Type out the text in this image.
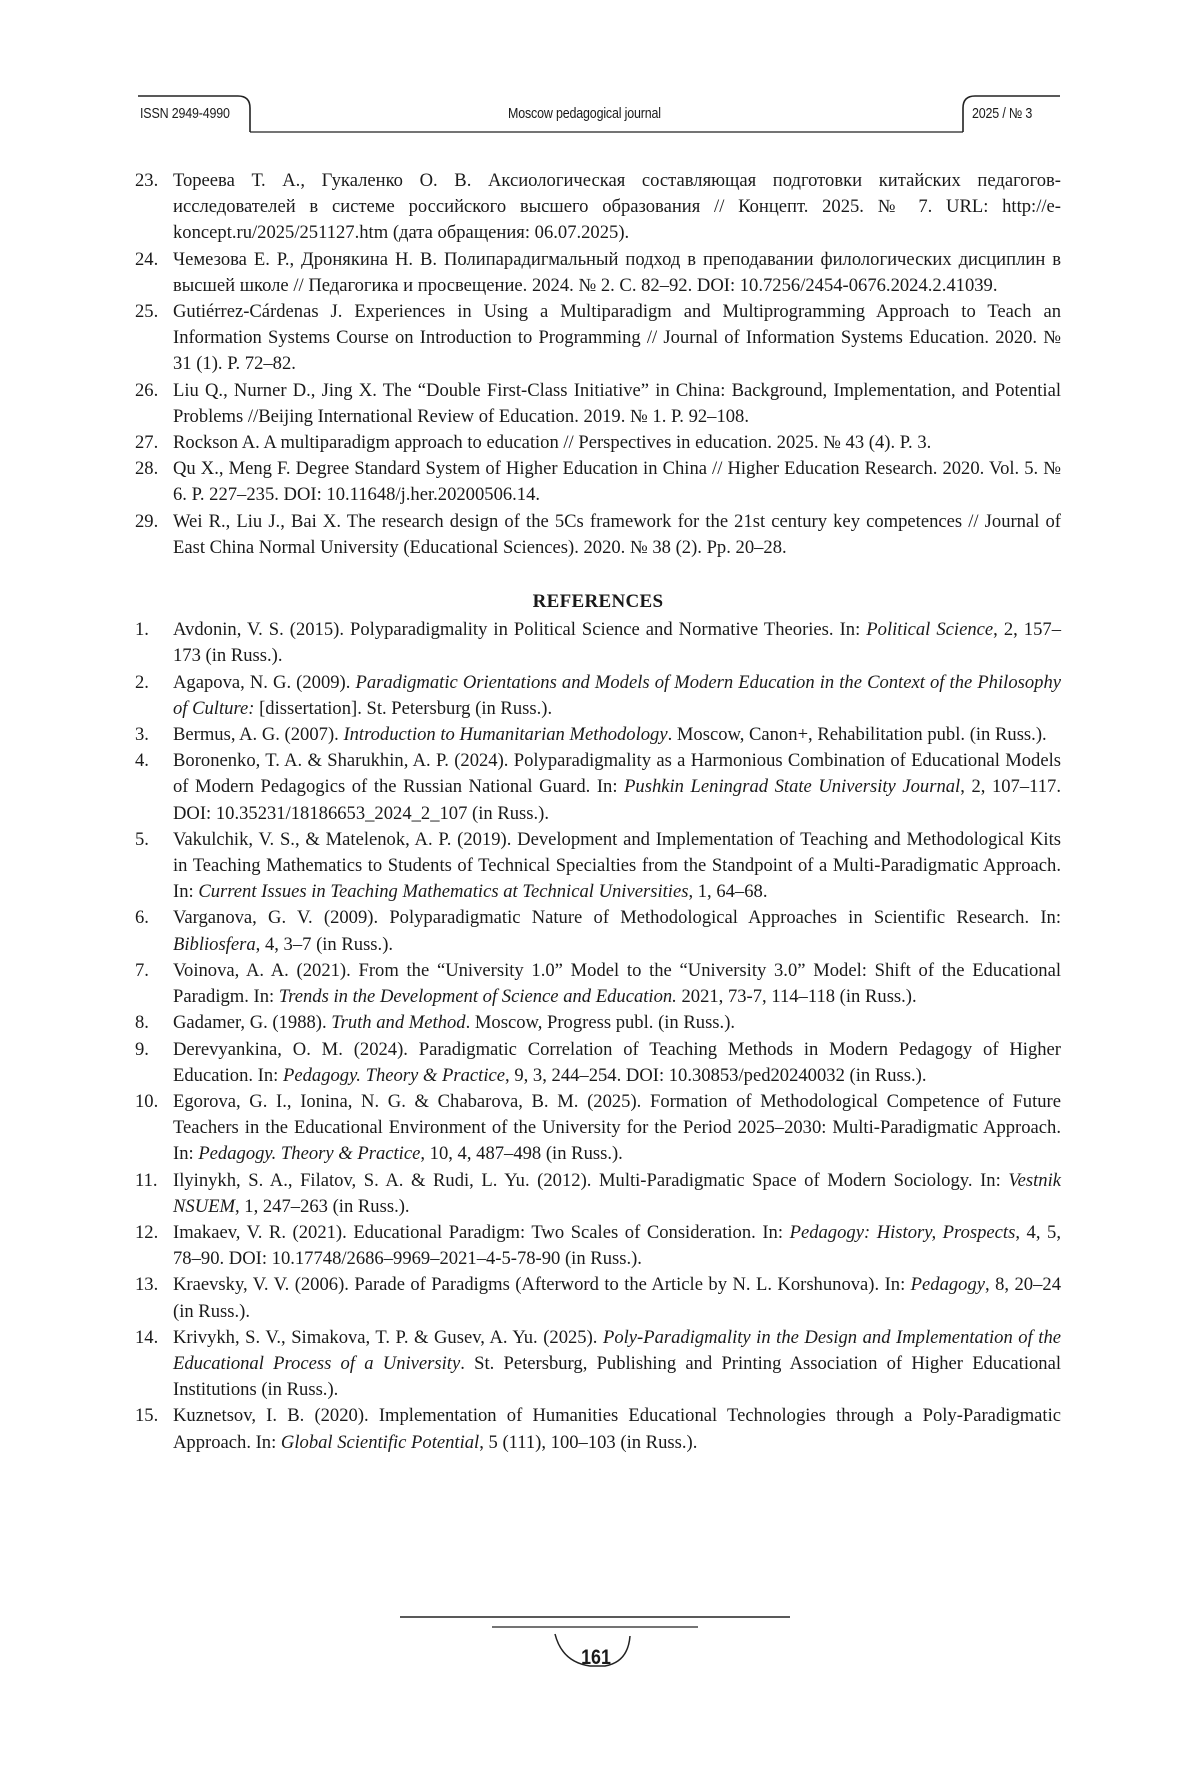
ISSN 2949-4990	Moscow pedagogical journal	2025 / № 3
23. Тореева Т. А., Гукаленко О. В. Аксиологическая составляющая подготовки китайских педаго­гов-исследователей в системе российского высшего образования // Концепт. 2025. № 7. URL: http://e-koncept.ru/2025/251127.htm (дата обращения: 06.07.2025).
24. Чемезова Е. Р., Дронякина Н. В. Полипарадигмальный подход в преподавании филологи­ческих дисциплин в высшей школе // Педагогика и просвещение. 2024. № 2. С. 82–92. DOI: 10.7256/2454-0676.2024.2.41039.
25. Gutiérrez-Cárdenas J. Experiences in Using a Multiparadigm and Multiprogramming Approach to Teach an Information Systems Course on Introduction to Programming // Journal of Information Systems Education. 2020. № 31 (1). P. 72–82.
26. Liu Q., Nurner D., Jing X. The “Double First-Class Initiative” in China: Background, Implementation, and Potential Problems //Beijing International Review of Education. 2019. № 1. P. 92–108.
27. Rockson A. A multiparadigm approach to education // Perspectives in education. 2025. № 43 (4). P. 3.
28. Qu X., Meng F. Degree Standard System of Higher Education in China // Higher Education Research. 2020. Vol. 5. № 6. P. 227–235. DOI: 10.11648/j.her.20200506.14.
29. Wei R., Liu J., Bai X. The research design of the 5Cs framework for the 21st century key competences // Journal of East China Normal University (Educational Sciences). 2020. № 38 (2). Pp. 20–28.
REFERENCES
1.	Avdonin, V. S. (2015). Polyparadigmality in Political Science and Normative Theories. In: Political Sci­ence, 2, 157–173 (in Russ.).
2.	Agapova, N. G. (2009). Paradigmatic Orientations and Models of Modern Education in the Context of the Philosophy of Culture: [dissertation]. St. Petersburg (in Russ.).
3.	Bermus, A. G. (2007). Introduction to Humanitarian Methodology. Moscow, Canon+, Rehabilita­tion publ. (in Russ.).
4.	Boronenko, T. A. & Sharukhin, A. P. (2024). Polyparadigmality as a Harmonious Combination of Ed­ucational Models of Modern Pedagogics of the Russian National Guard. In: Pushkin Leningrad State University Journal, 2, 107–117. DOI: 10.35231/18186653_2024_2_107 (in Russ.).
5.	Vakulchik, V. S., & Matelenok, A. P. (2019). Development and Implementation of Teaching and Meth­odological Kits in Teaching Mathematics to Students of Technical Specialties from the Standpoint of a Multi-Paradigmatic Approach. In: Current Issues in Teaching Mathematics at Technical Universities, 1, 64–68.
6.	Varganova, G. V. (2009). Polyparadigmatic Nature of Methodological Approaches in Scientific Re­search. In: Bibliosfera, 4, 3–7 (in Russ.).
7.	Voinova, A. A. (2021). From the “University 1.0” Model to the “University 3.0” Model: Shift of the Educational Paradigm. In: Trends in the Development of Science and Education. 2021, 73-7, 114–118 (in Russ.).
8.	Gadamer, G. (1988). Truth and Method. Moscow, Progress publ. (in Russ.).
9.	Derevyankina, O. M. (2024). Paradigmatic Correlation of Teaching Methods in Modern Pedagogy of Higher Education. In: Pedagogy. Theory & Practice, 9, 3, 244–254. DOI: 10.30853/ped20240032 (in Russ.).
10. Egorova, G. I., Ionina, N. G. & Chabarova, B. M. (2025). Formation of Methodological Competence of Future Teachers in the Educational Environment of the University for the Period 2025–2030: Mul­ti-Paradigmatic Approach. In: Pedagogy. Theory & Practice, 10, 4, 487–498 (in Russ.).
11. Ilyinykh, S. A., Filatov, S. A. & Rudi, L. Yu. (2012). Multi-Paradigmatic Space of Modern Sociology. In: Vestnik NSUEM, 1, 247–263 (in Russ.).
12. Imakaev, V. R. (2021). Educational Paradigm: Two Scales of Consideration. In: Pedagogy: History, Prospects, 4, 5, 78–90. DOI: 10.17748/2686–9969–2021–4-5-78-90 (in Russ.).
13. Kraevsky, V. V. (2006). Parade of Paradigms (Afterword to the Article by N. L. Korshunova). In: Ped­agogy, 8, 20–24 (in Russ.).
14. Krivykh, S. V., Simakova, T. P. & Gusev, A. Yu. (2025). Poly-Paradigmality in the Design and Implemen­tation of the Educational Process of a University. St. Petersburg, Publishing and Printing Association of Higher Educational Institutions (in Russ.).
15. Kuznetsov, I. B. (2020). Implementation of Humanities Educational Technologies through a Poly-Par­adigmatic Approach. In: Global Scientific Potential, 5 (111), 100–103 (in Russ.).
161
